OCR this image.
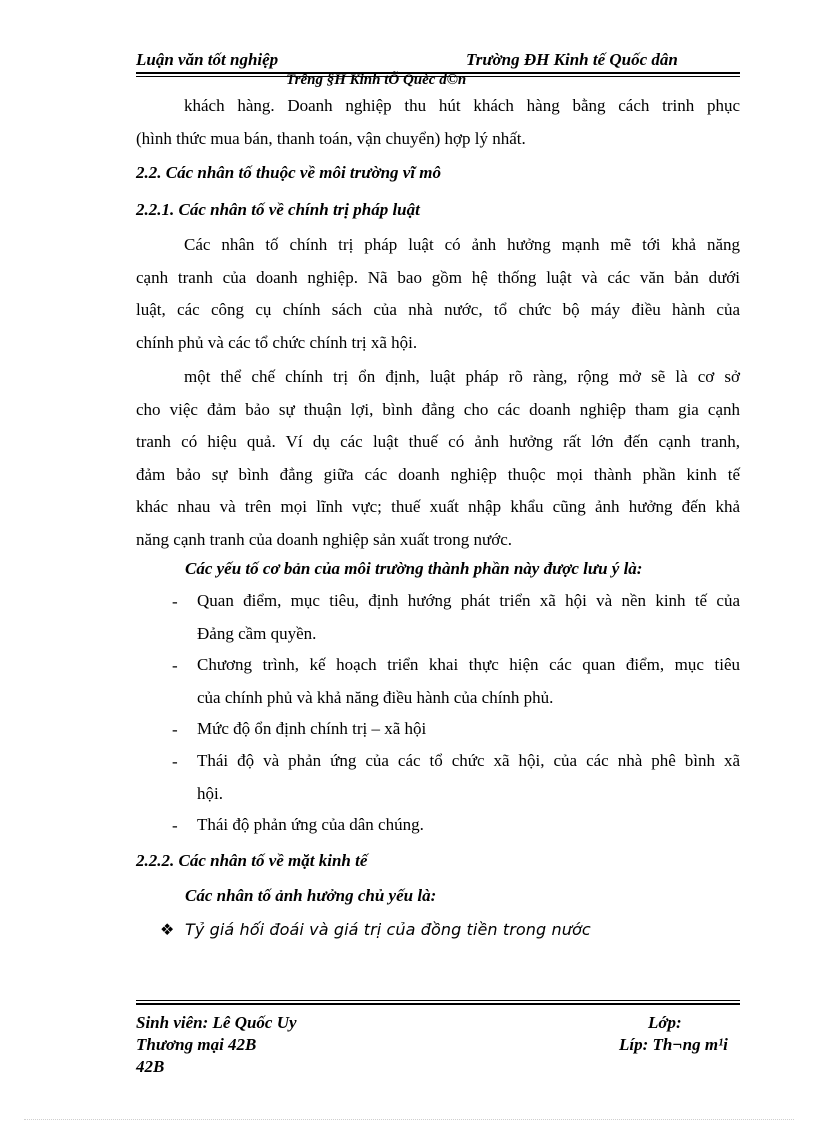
Luận văn tốt nghiệp	Trường ĐH Kinh tế Quốc dân
Trêng §H Kinh tÕ Quèc d©n
khách hàng. Doanh nghiệp thu hút khách hàng bằng cách trinh phục
(hình thức mua bán, thanh toán, vận chuyển) hợp lý nhất.
2.2. Các nhân tố thuộc về môi trường vĩ mô
2.2.1. Các nhân tố về chính trị pháp luật
Các nhân tố chính trị pháp luật có ảnh hưởng mạnh mẽ tới khả năng
cạnh tranh của doanh nghiệp. Nã bao gồm hệ thống luật và các văn bản dưới
luật, các công cụ chính sách của nhà nước, tổ chức bộ máy điều hành của
chính phủ và các tổ chức chính trị xã hội.
một thể chế chính trị ổn định, luật pháp rõ ràng, rộng mở sẽ là cơ sở
cho việc đảm bảo sự thuận lợi, bình đẳng cho các doanh nghiệp tham gia cạnh
tranh có hiệu quả. Ví dụ các luật thuế có ảnh hưởng rất lớn đến cạnh tranh,
đảm bảo sự bình đẳng giữa các doanh nghiệp thuộc mọi thành phần kinh tế
khác nhau và trên mọi lĩnh vực; thuế xuất nhập khẩu cũng ảnh hưởng đến khả
năng cạnh tranh của doanh nghiệp sản xuất trong nước.
Các yếu tố cơ bản của môi trường thành phần này được lưu ý là:
- Quan điểm, mục tiêu, định hướng phát triển xã hội và nền kinh tế của
Đảng cầm quyền.
- Chương trình, kế hoạch triển khai thực hiện các quan điểm, mục tiêu
của chính phủ và khả năng điều hành của chính phủ.
- Mức độ ổn định chính trị – xã hội
- Thái độ và phản ứng của các tổ chức xã hội, của các nhà phê bình xã
hội.
- Thái độ phản ứng của dân chúng.
2.2.2. Các nhân tố về mặt kinh tế
Các nhân tố ảnh hưởng chủ yếu là:
❖ Tỷ giá hối đoái và giá trị của đồng tiền trong nước
Sinh viên: Lê Quốc Uy	Lớp:
Thương mại 42B	Líp: Th¬ng m¹i
42B
